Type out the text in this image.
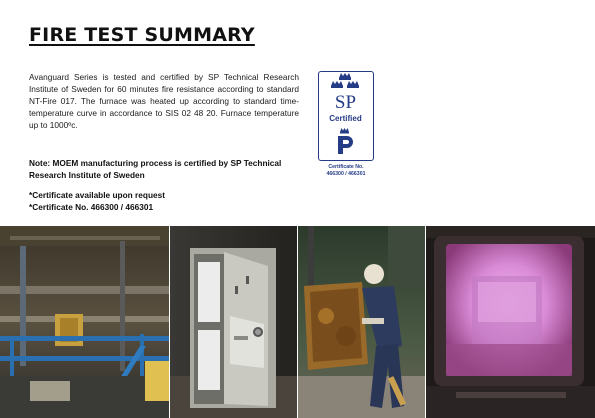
FIRE TEST SUMMARY

Avanguard Series is tested and certified by SP Technical Research Institute of Sweden for 60 minutes fire resistance according to standard NT-Fire 017. The furnace was heated up according to standard time-temperature curve in accordance to SIS 02 48 20. Furnace temperature up to 1000ºc.

Note: MOEM manufacturing process is certified by SP Technical Research Institute of Sweden

*Certificate available upon request
*Certificate No. 466300 / 466301
SP
Certified
Certificate No.
466300 / 466301
